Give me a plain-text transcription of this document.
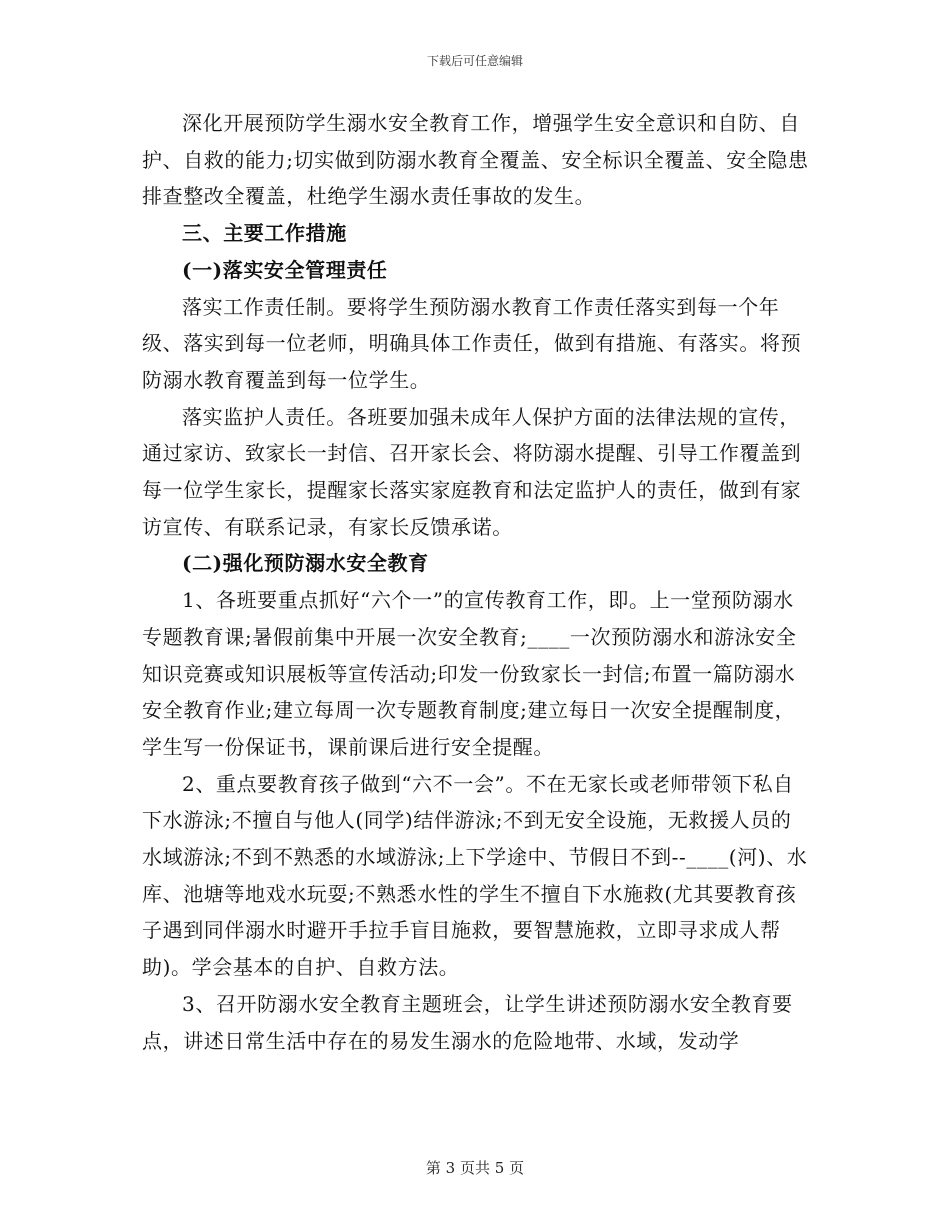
下载后可任意编辑

深化开展预防学生溺水安全教育工作，增强学生安全意识和自防、自护、自救的能力;切实做到防溺水教育全覆盖、安全标识全覆盖、安全隐患排查整改全覆盖，杜绝学生溺水责任事故的发生。

三、主要工作措施

(一)落实安全管理责任

落实工作责任制。要将学生预防溺水教育工作责任落实到每一个年级、落实到每一位老师，明确具体工作责任，做到有措施、有落实。将预防溺水教育覆盖到每一位学生。

落实监护人责任。各班要加强未成年人保护方面的法律法规的宣传，通过家访、致家长一封信、召开家长会、将防溺水提醒、引导工作覆盖到每一位学生家长，提醒家长落实家庭教育和法定监护人的责任，做到有家访宣传、有联系记录，有家长反馈承诺。

(二)强化预防溺水安全教育

1、各班要重点抓好“六个一”的宣传教育工作，即。上一堂预防溺水专题教育课;暑假前集中开展一次安全教育;____一次预防溺水和游泳安全知识竞赛或知识展板等宣传活动;印发一份致家长一封信;布置一篇防溺水安全教育作业;建立每周一次专题教育制度;建立每日一次安全提醒制度，学生写一份保证书，课前课后进行安全提醒。

2、重点要教育孩子做到“六不一会”。不在无家长或老师带领下私自下水游泳;不擅自与他人(同学)结伴游泳;不到无安全设施，无救援人员的水域游泳;不到不熟悉的水域游泳;上下学途中、节假日不到--____(河)、水库、池塘等地戏水玩耍;不熟悉水性的学生不擅自下水施救(尤其要教育孩子遇到同伴溺水时避开手拉手盲目施救，要智慧施救，立即寻求成人帮助)。学会基本的自护、自救方法。

3、召开防溺水安全教育主题班会，让学生讲述预防溺水安全教育要点，讲述日常生活中存在的易发生溺水的危险地带、水域，发动学

第 3 页共 5 页
